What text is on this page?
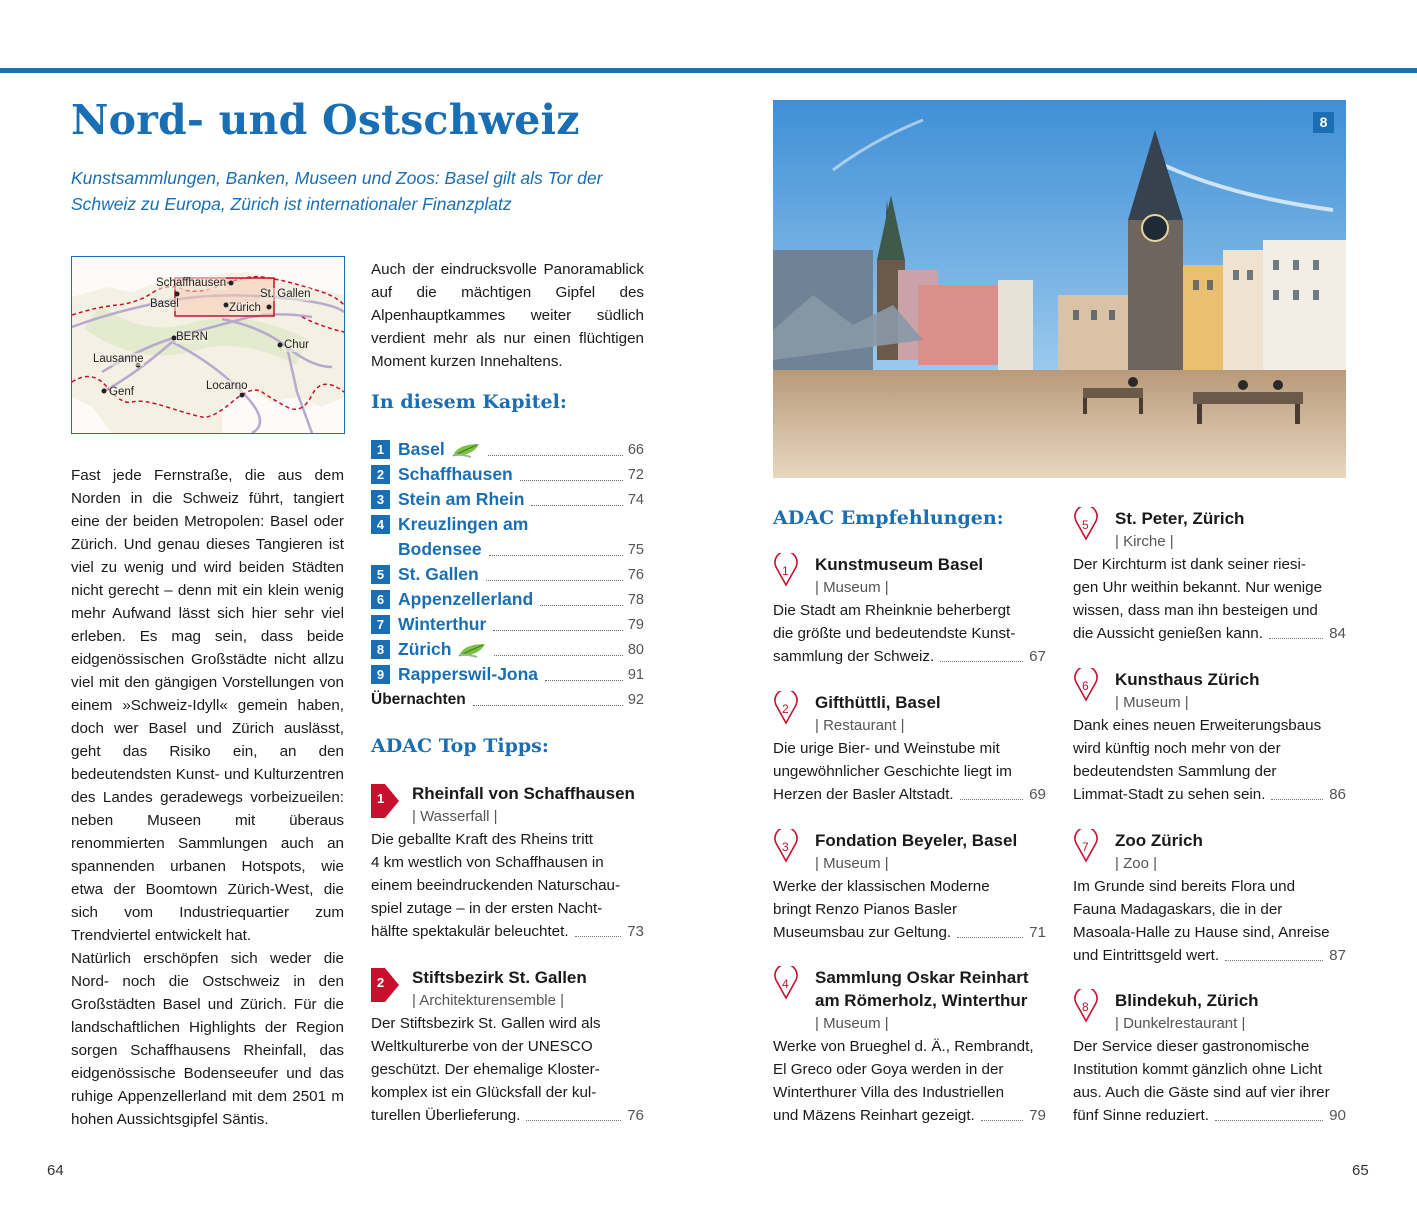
Nord- und Ostschweiz
Kunstsammlungen, Banken, Museen und Zoos: Basel gilt als Tor der
Schweiz zu Europa, Zürich ist internationaler Finanzplatz
Schaffhausen
Basel	Zürich
St. Gallen
BERN
Chur
Lausanne
Genf	Locarno

Fast jede Fernstraße, die aus dem Norden in die Schweiz führt, tangiert eine der beiden Metropolen: Basel oder Zürich. Und genau dieses Tangieren ist viel zu wenig und wird beiden Städten nicht gerecht – denn mit ein klein wenig mehr Aufwand lässt sich hier sehr viel erleben. Es mag sein, dass beide eidgenössischen Großstädte nicht allzu viel mit den gängigen Vorstellungen von einem »Schweiz-Idyll« gemein haben, doch wer Basel und Zürich auslässt, geht das Risiko ein, an den bedeutendsten Kunst- und Kulturzentren des Landes geradewegs vorbeizueilen: neben Museen mit überaus renommierten Sammlungen auch an spannenden urbanen Hotspots, wie etwa der Boomtown Zürich-West, die sich vom Industriequartier zum Trendviertel entwickelt hat.

Natürlich erschöpfen sich weder die Nord- noch die Ostschweiz in den Großstädten Basel und Zürich. Für die landschaftlichen Highlights der Region sorgen Schaffhausens Rheinfall, das eidgenössische Bodenseeufer und das ruhige Appenzellerland mit dem 2501 m hohen Aussichtsgipfel Säntis.

Auch der eindrucksvolle Panoramablick auf die mächtigen Gipfel des Alpenhauptkammes weiter südlich verdient mehr als nur einen flüchtigen Moment kurzen Innehaltens.

In diesem Kapitel:
1 Basel	66
2 Schaffhausen	72
3 Stein am Rhein	74
4 Kreuzlingen am
Bodensee	75
5 St. Gallen	76
6 Appenzellerland	78
7 Winterthur	79
8 Zürich	80
9 Rapperswil-Jona	91
Übernachten	92
ADAC Top Tipps:
1 Rheinfall von Schaffhausen
| Wasserfall |
Die geballte Kraft des Rheins tritt
4 km westlich von Schaffhausen in
einem beeindruckenden Naturschau-
spiel zutage – in der ersten Nacht-
hälfte spektakulär beleuchtet.	73
2 Stiftsbezirk St. Gallen
| Architekturensemble |
Der Stiftsbezirk St. Gallen wird als
Weltkulturerbe von der UNESCO
geschützt. Der ehemalige Kloster-
komplex ist ein Glücksfall der kul-
turellen Überlieferung.	76
8
ADAC Empfehlungen:
1 Kunstmuseum Basel
| Museum |
Die Stadt am Rheinknie beherbergt
die größte und bedeutendste Kunst-
sammlung der Schweiz.	67
2 Gifthüttli, Basel
| Restaurant |
Die urige Bier- und Weinstube mit
ungewöhnlicher Geschichte liegt im
Herzen der Basler Altstadt.	69
3 Fondation Beyeler, Basel
| Museum |
Werke der klassischen Moderne
bringt Renzo Pianos Basler
Museumsbau zur Geltung.	71
4 Sammlung Oskar Reinhart
am Römerholz, Winterthur
| Museum |
Werke von Brueghel d. Ä., Rembrandt,
El Greco oder Goya werden in der
Winterthurer Villa des Industriellen
und Mäzens Reinhart gezeigt.	79
5 St. Peter, Zürich
| Kirche |
Der Kirchturm ist dank seiner riesi-
gen Uhr weithin bekannt. Nur wenige
wissen, dass man ihn besteigen und
die Aussicht genießen kann.	84
6 Kunsthaus Zürich
| Museum |
Dank eines neuen Erweiterungsbaus
wird künftig noch mehr von der
bedeutendsten Sammlung der
Limmat-Stadt zu sehen sein.	86
7 Zoo Zürich
| Zoo |
Im Grunde sind bereits Flora und
Fauna Madagaskars, die in der
Masoala-Halle zu Hause sind, Anreise
und Eintrittsgeld wert.	87
8 Blindekuh, Zürich
| Dunkelrestaurant |
Der Service dieser gastronomische
Institution kommt gänzlich ohne Licht
aus. Auch die Gäste sind auf vier ihrer
fünf Sinne reduziert.	90
64	65
